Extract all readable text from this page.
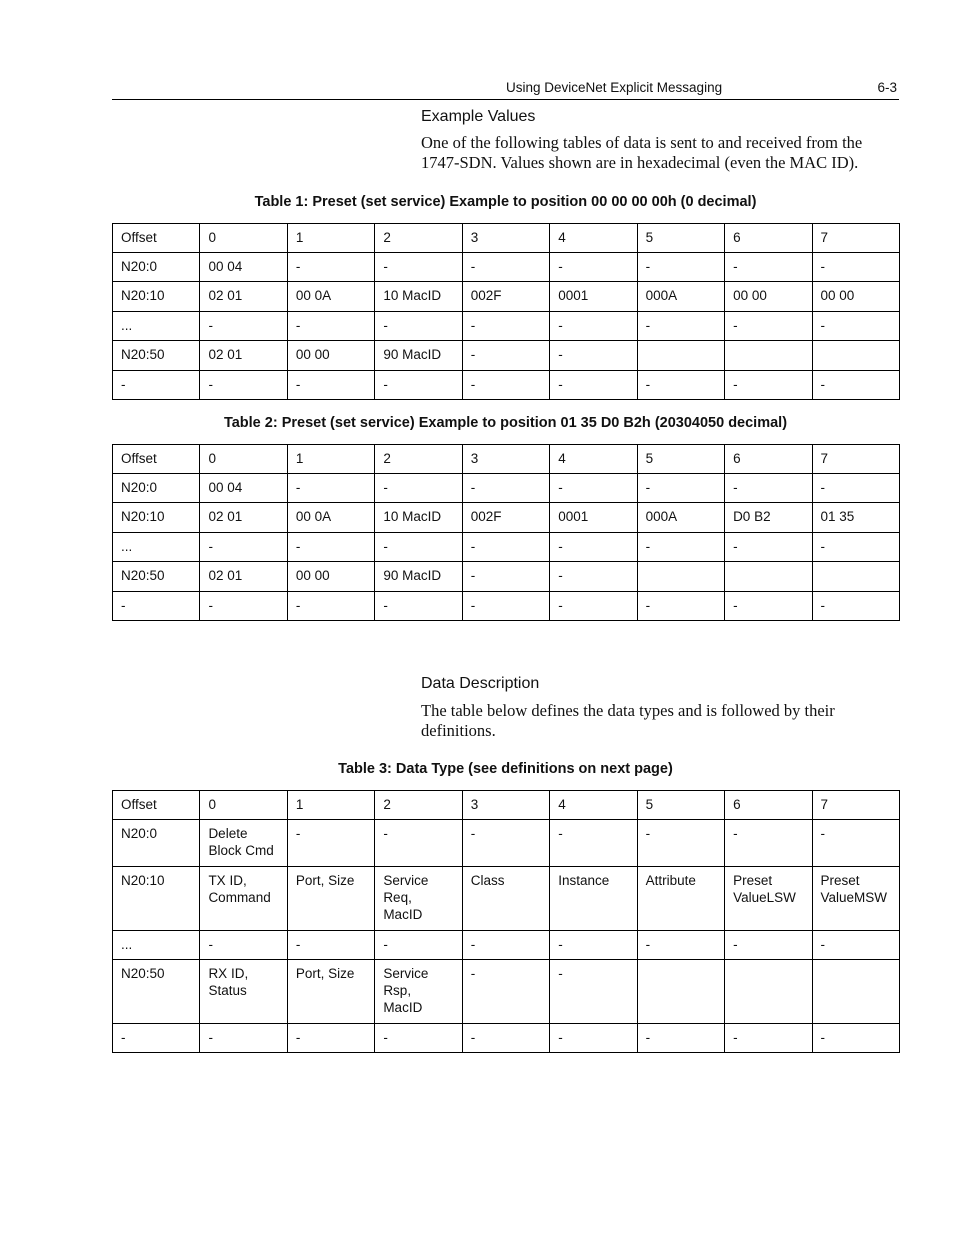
Using DeviceNet Explicit Messaging	6-3
Example Values
One of the following tables of data is sent to and received from the 1747-SDN. Values shown are in hexadecimal (even the MAC ID).
Table 1: Preset (set service) Example to position 00 00 00 00h (0 decimal)
Offset	0	1	2	3	4	5	6	7

N20:0	00 04	-	-	-	-	-	-	-

N20:10	02 01	00 0A	10 MacID	002F	0001	000A	00 00	00 00

...	-	-	-	-	-	-	-	-

N20:50	02 01	00 00	90 MacID	-	-			

-	-	-	-	-	-	-	-	-
Table 2: Preset (set service) Example to position 01 35 D0 B2h (20304050 decimal)
Offset	0	1	2	3	4	5	6	7

N20:0	00 04	-	-	-	-	-	-	-

N20:10	02 01	00 0A	10 MacID	002F	0001	000A	D0 B2	01 35

...	-	-	-	-	-	-	-	-

N20:50	02 01	00 00	90 MacID	-	-			

-	-	-	-	-	-	-	-	-
Data Description
The table below defines the data types and is followed by their definitions.
Table 3: Data Type (see definitions on next page)
Offset	0	1	2	3	4	5	6	7

N20:0	Delete
Block Cmd	-	-	-	-	-	-	-

N20:10	TX ID,
Command	Port, Size	Service
Req,
MacID	Class	Instance	Attribute	Preset
ValueLSW	Preset
ValueMSW

...	-	-	-	-	-	-	-	-

N20:50	RX ID,
Status	Port, Size	Service
Rsp,
MacID	-	-			

-	-	-	-	-	-	-	-	-
